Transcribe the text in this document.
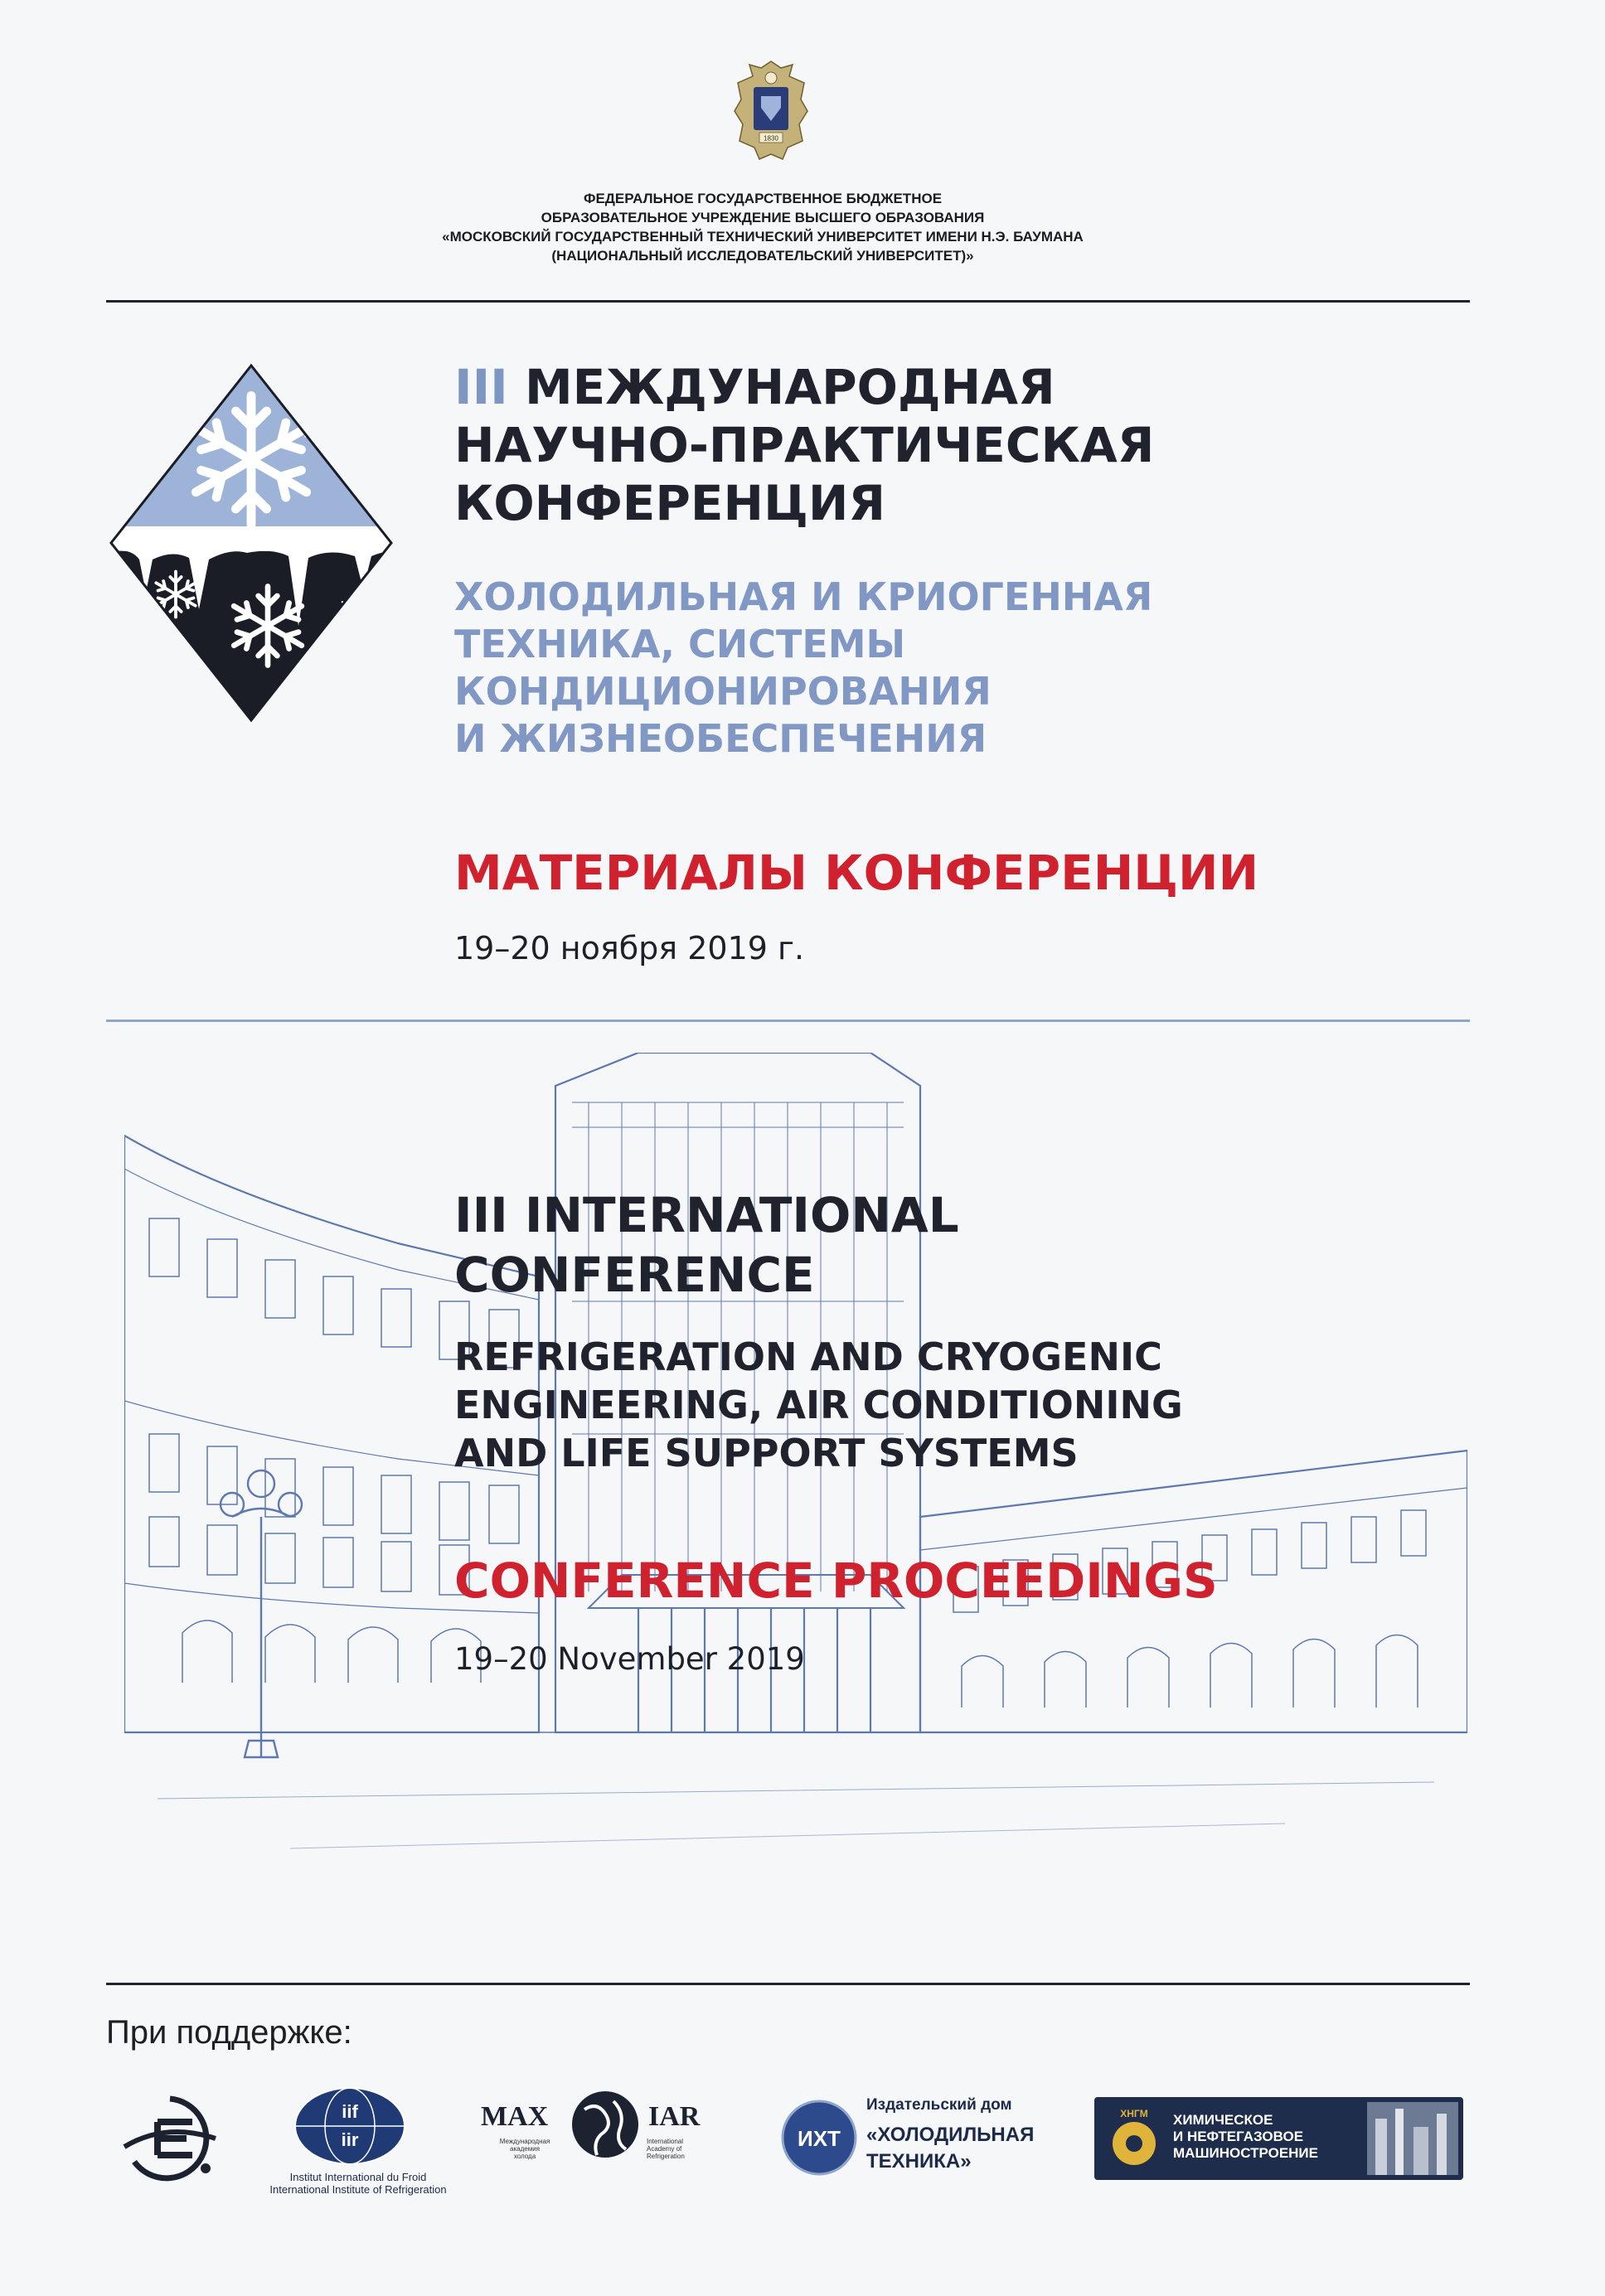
1830
ФЕДЕРАЛЬНОЕ ГОСУДАРСТВЕННОЕ БЮДЖЕТНОЕ
ОБРАЗОВАТЕЛЬНОЕ УЧРЕЖДЕНИЕ ВЫСШЕГО ОБРАЗОВАНИЯ
«МОСКОВСКИЙ ГОСУДАРСТВЕННЫЙ ТЕХНИЧЕСКИЙ УНИВЕРСИТЕТ ИМЕНИ Н.Э. БАУМАНА
(НАЦИОНАЛЬНЫЙ ИССЛЕДОВАТЕЛЬСКИЙ УНИВЕРСИТЕТ)»
III МЕЖДУНАРОДНАЯ
НАУЧНО-ПРАКТИЧЕСКАЯ
КОНФЕРЕНЦИЯ
ХОЛОДИЛЬНАЯ И КРИОГЕННАЯ
ТЕХНИКА, СИСТЕМЫ
КОНДИЦИОНИРОВАНИЯ
И ЖИЗНЕОБЕСПЕЧЕНИЯ
МАТЕРИАЛЫ КОНФЕРЕНЦИИ
19–20 ноября 2019 г.
III INTERNATIONAL
CONFERENCE
REFRIGERATION AND CRYOGENIC
ENGINEERING, AIR CONDITIONING
AND LIFE SUPPORT SYSTEMS
CONFERENCE PROCEEDINGS
19–20 November 2019
При поддержке:
iif
iir
Institut International du Froid
International Institute of Refrigeration
MAX	IAR
Международная
академия
холода
International
Academy of
Refrigeration
ИХТ
Издательский дом
«ХОЛОДИЛЬНАЯ
ТЕХНИКА»
ХНГМ ХИМИЧЕСКОЕ
И НЕФТЕГАЗОВОЕ
МАШИНОСТРОЕНИЕ
